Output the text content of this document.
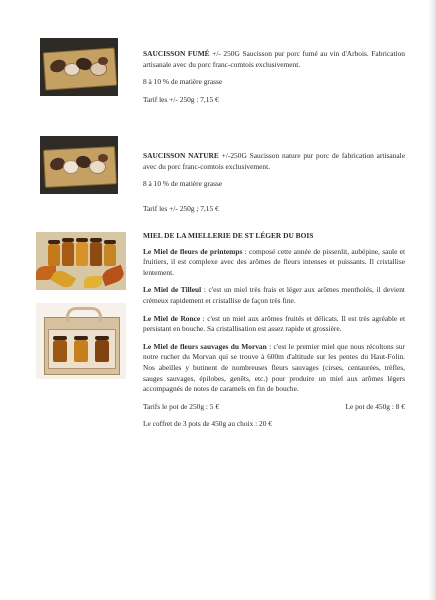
SAUCISSON FUMÉ +/- 250G Saucisson pur porc fumé au vin d'Arbois. Fabrication artisanale avec du porc franc-comtois exclusivement.

8 à 10 % de matière grasse

Tarif les +/- 250g : 7,15 €

SAUCISSON NATURE +/-250G Saucisson nature pur porc de fabrication artisanale avec du porc franc-comtois exclusivement.

8 à 10 % de matière grasse

Tarif les +/- 250g ; 7,15 €

MIEL DE LA MIELLERIE DE ST LÉGER DU BOIS

Le Miel de fleurs de printemps : composé cette année de pissenlit, aubépine, saule et fruitiers, il est complexe avec des arômes de fleurs intenses et puissants. Il cristallise lentement.

Le Miel de Tilleul : c'est un miel très frais et léger aux arômes mentholés, il devient crémeux rapidement et cristallise de façon très fine.

Le Miel de Ronce : c'est un miel aux arômes fruités et délicats. Il est très agréable et persistant en bouche. Sa cristallisation est assez rapide et grossière.

Le Miel de fleurs sauvages du Morvan : c'est le premier miel que nous récoltons sur notre rucher du Morvan qui se trouve à 600m d'altitude sur les pentes du Haut-Folin. Nos abeilles y butinent de nombreuses fleurs sauvages (cirses, centaurées, trèfles, sauges sauvages, épilobes, genêts, etc.) pour produire un miel aux arômes légers accompagnés de notes de caramels en fin de bouche.

Tarifs le pot de 250g : 5 €	Le pot de 450g : 8 €

Le coffret de 3 pots de 450g au choix : 20 €
